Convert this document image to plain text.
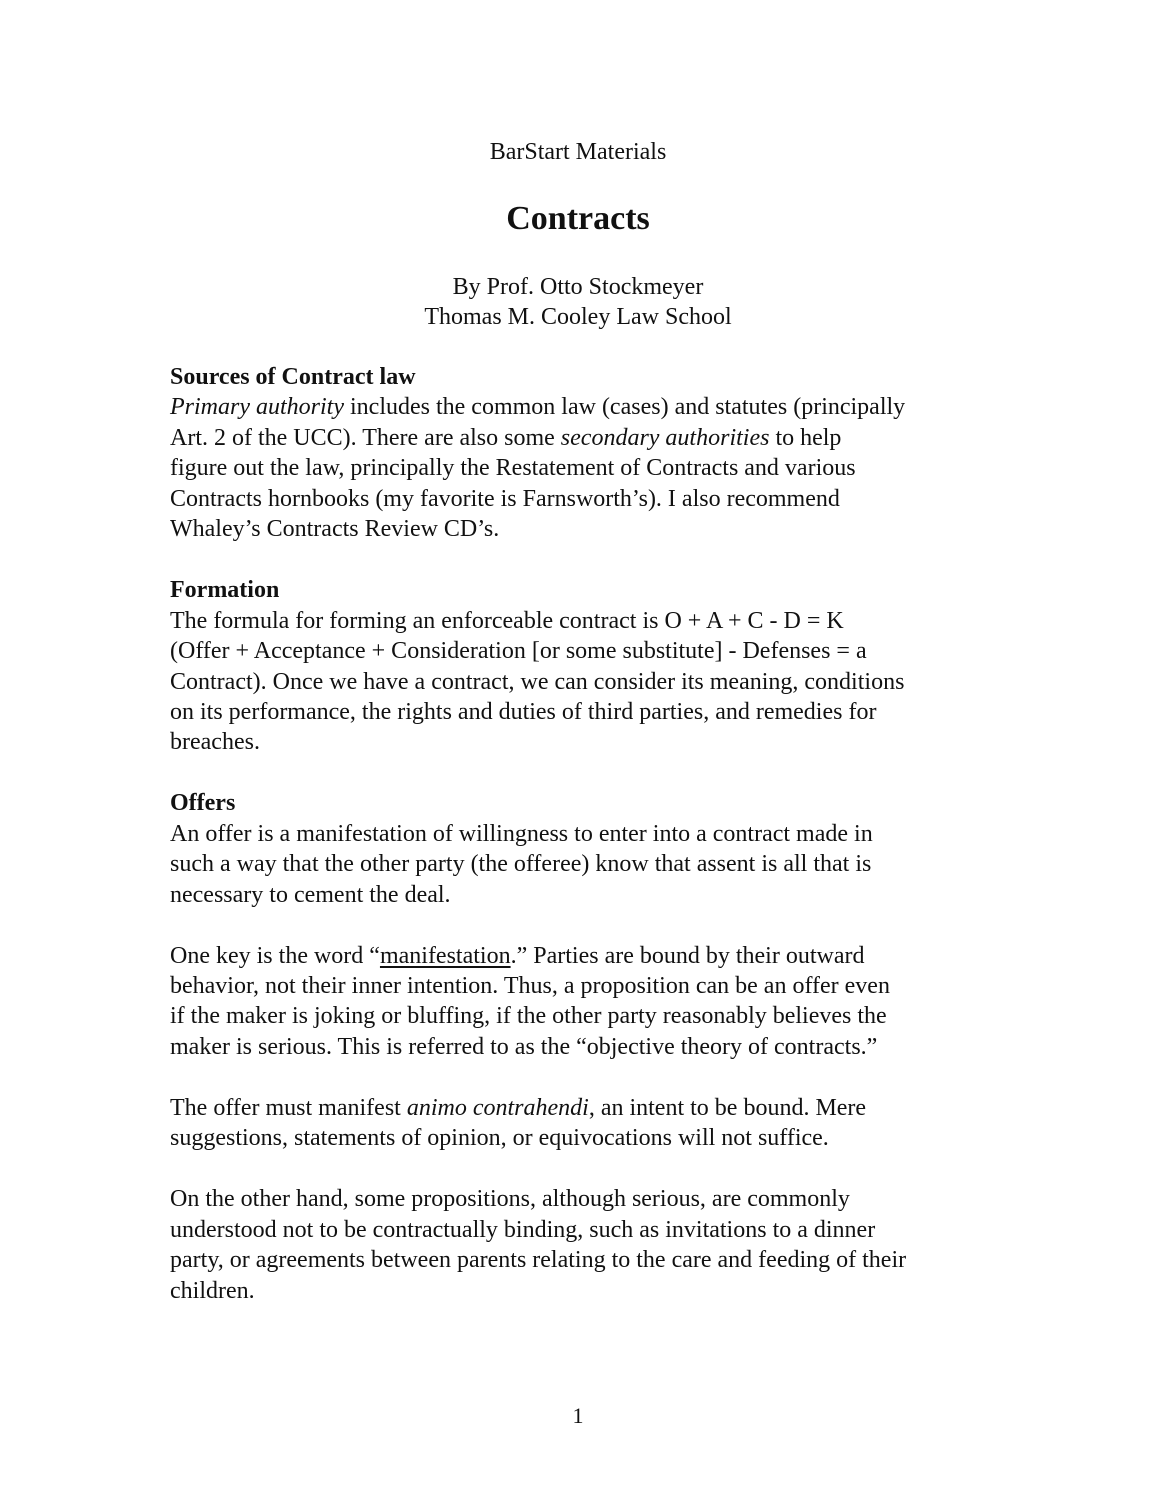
BarStart Materials
Contracts
By Prof. Otto Stockmeyer
Thomas M. Cooley Law School
Sources of Contract law
Primary authority includes the common law (cases) and statutes (principally
Art. 2 of the UCC). There are also some secondary authorities to help
figure out the law, principally the Restatement of Contracts and various
Contracts hornbooks (my favorite is Farnsworth’s). I also recommend
Whaley’s Contracts Review CD’s.
Formation
The formula for forming an enforceable contract is O + A + C - D = K
(Offer + Acceptance + Consideration [or some substitute] - Defenses = a
Contract). Once we have a contract, we can consider its meaning, conditions
on its performance, the rights and duties of third parties, and remedies for
breaches.
Offers
An offer is a manifestation of willingness to enter into a contract made in
such a way that the other party (the offeree) know that assent is all that is
necessary to cement the deal.
One key is the word “manifestation.” Parties are bound by their outward
behavior, not their inner intention. Thus, a proposition can be an offer even
if the maker is joking or bluffing, if the other party reasonably believes the
maker is serious. This is referred to as the “objective theory of contracts.”
The offer must manifest animo contrahendi, an intent to be bound. Mere
suggestions, statements of opinion, or equivocations will not suffice.
On the other hand, some propositions, although serious, are commonly
understood not to be contractually binding, such as invitations to a dinner
party, or agreements between parents relating to the care and feeding of their
children.
1
